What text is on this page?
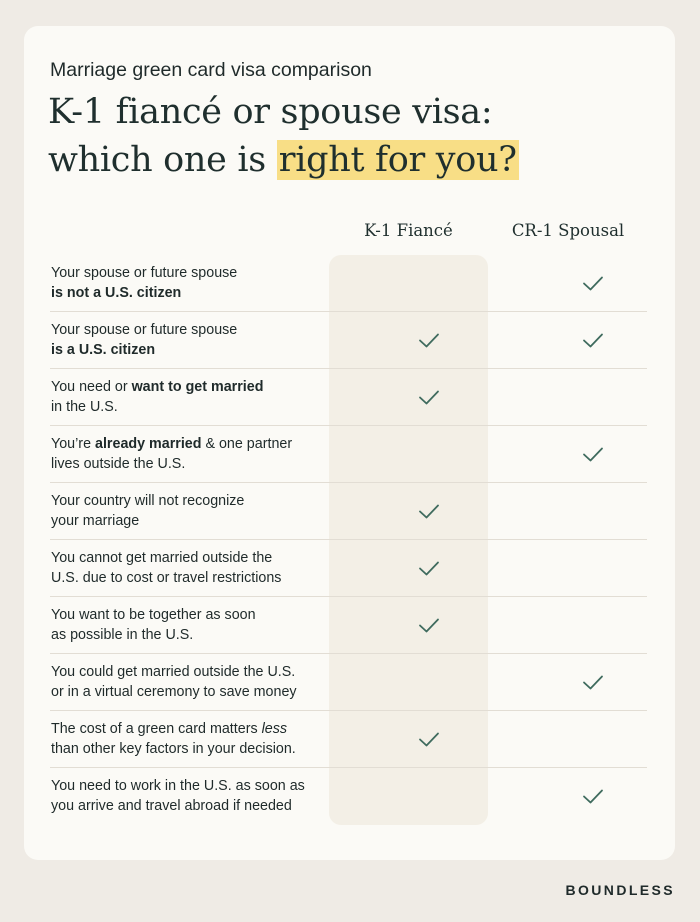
Marriage green card visa comparison
K-1 fiancé or spouse visa:
which one is right for you?
K-1 Fiancé	CR-1 Spousal
Your spouse or future spouse
is not a U.S. citizen
Your spouse or future spouse
is a U.S. citizen
You need or want to get married
in the U.S.
You’re already married & one partner
lives outside the U.S.
Your country will not recognize
your marriage
You cannot get married outside the
U.S. due to cost or travel restrictions
You want to be together as soon
as possible in the U.S.
You could get married outside the U.S.
or in a virtual ceremony to save money
The cost of a green card matters less
than other key factors in your decision.
You need to work in the U.S. as soon as
you arrive and travel abroad if needed
BOUNDLESS
